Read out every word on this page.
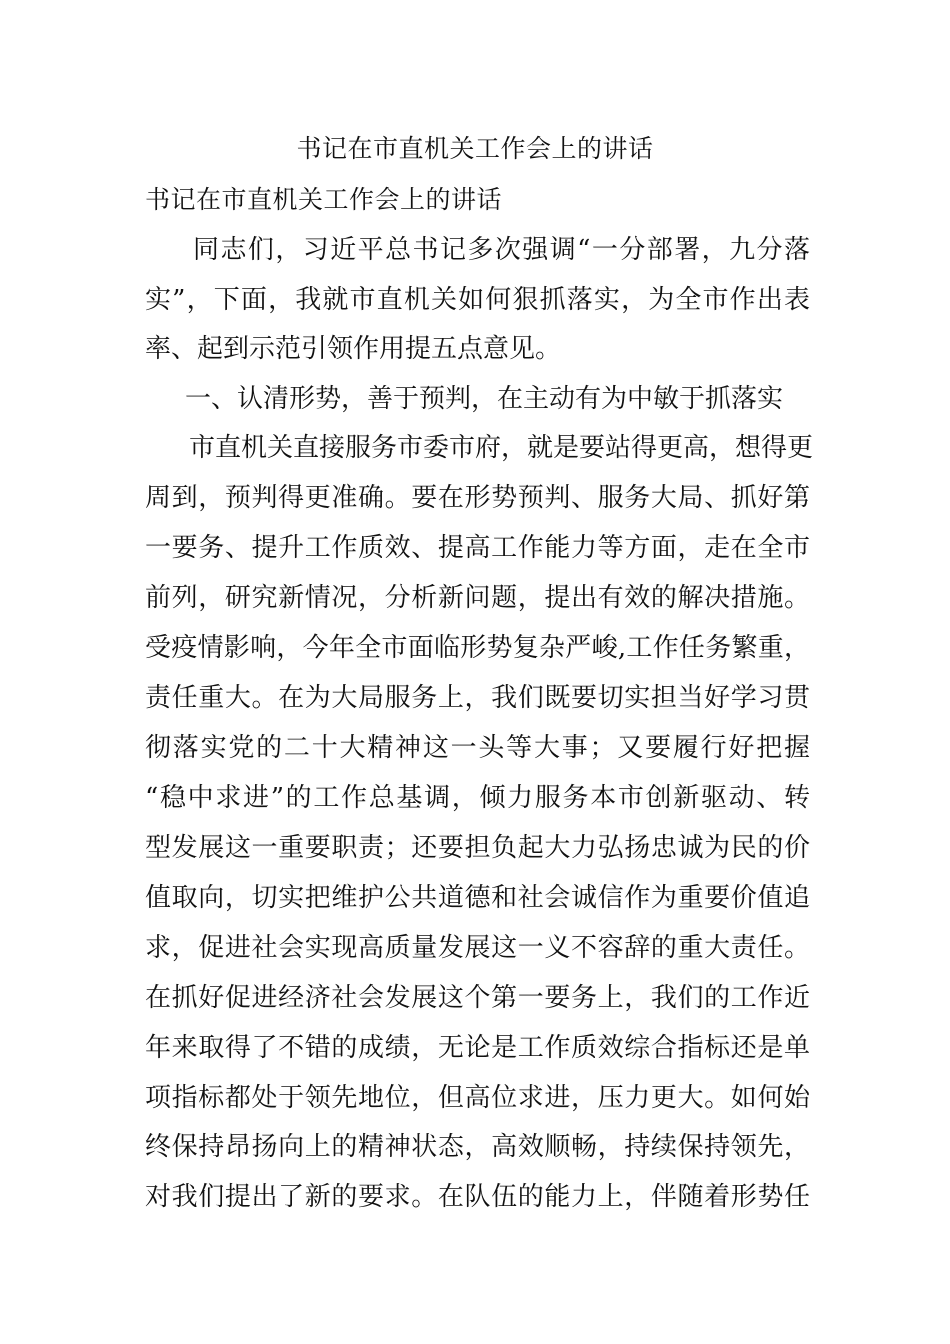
书记在市直机关工作会上的讲话
书记在市直机关工作会上的讲话
同志们，习近平总书记多次强调“一分部署，九分落
实”，下面，我就市直机关如何狠抓落实，为全市作出表
率、起到示范引领作用提五点意见。
一、认清形势，善于预判，在主动有为中敏于抓落实
市直机关直接服务市委市府，就是要站得更高，想得更
周到，预判得更准确。要在形势预判、服务大局、抓好第
一要务、提升工作质效、提高工作能力等方面，走在全市
前列，研究新情况，分析新问题，提出有效的解决措施。
受疫情影响，今年全市面临形势复杂严峻,工作任务繁重，
责任重大。在为大局服务上，我们既要切实担当好学习贯
彻落实党的二十大精神这一头等大事；又要履行好把握
“稳中求进”的工作总基调，倾力服务本市创新驱动、转
型发展这一重要职责；还要担负起大力弘扬忠诚为民的价
值取向，切实把维护公共道德和社会诚信作为重要价值追
求，促进社会实现高质量发展这一义不容辞的重大责任。
在抓好促进经济社会发展这个第一要务上，我们的工作近
年来取得了不错的成绩，无论是工作质效综合指标还是单
项指标都处于领先地位，但高位求进，压力更大。如何始
终保持昂扬向上的精神状态，高效顺畅，持续保持领先，
对我们提出了新的要求。在队伍的能力上，伴随着形势任
